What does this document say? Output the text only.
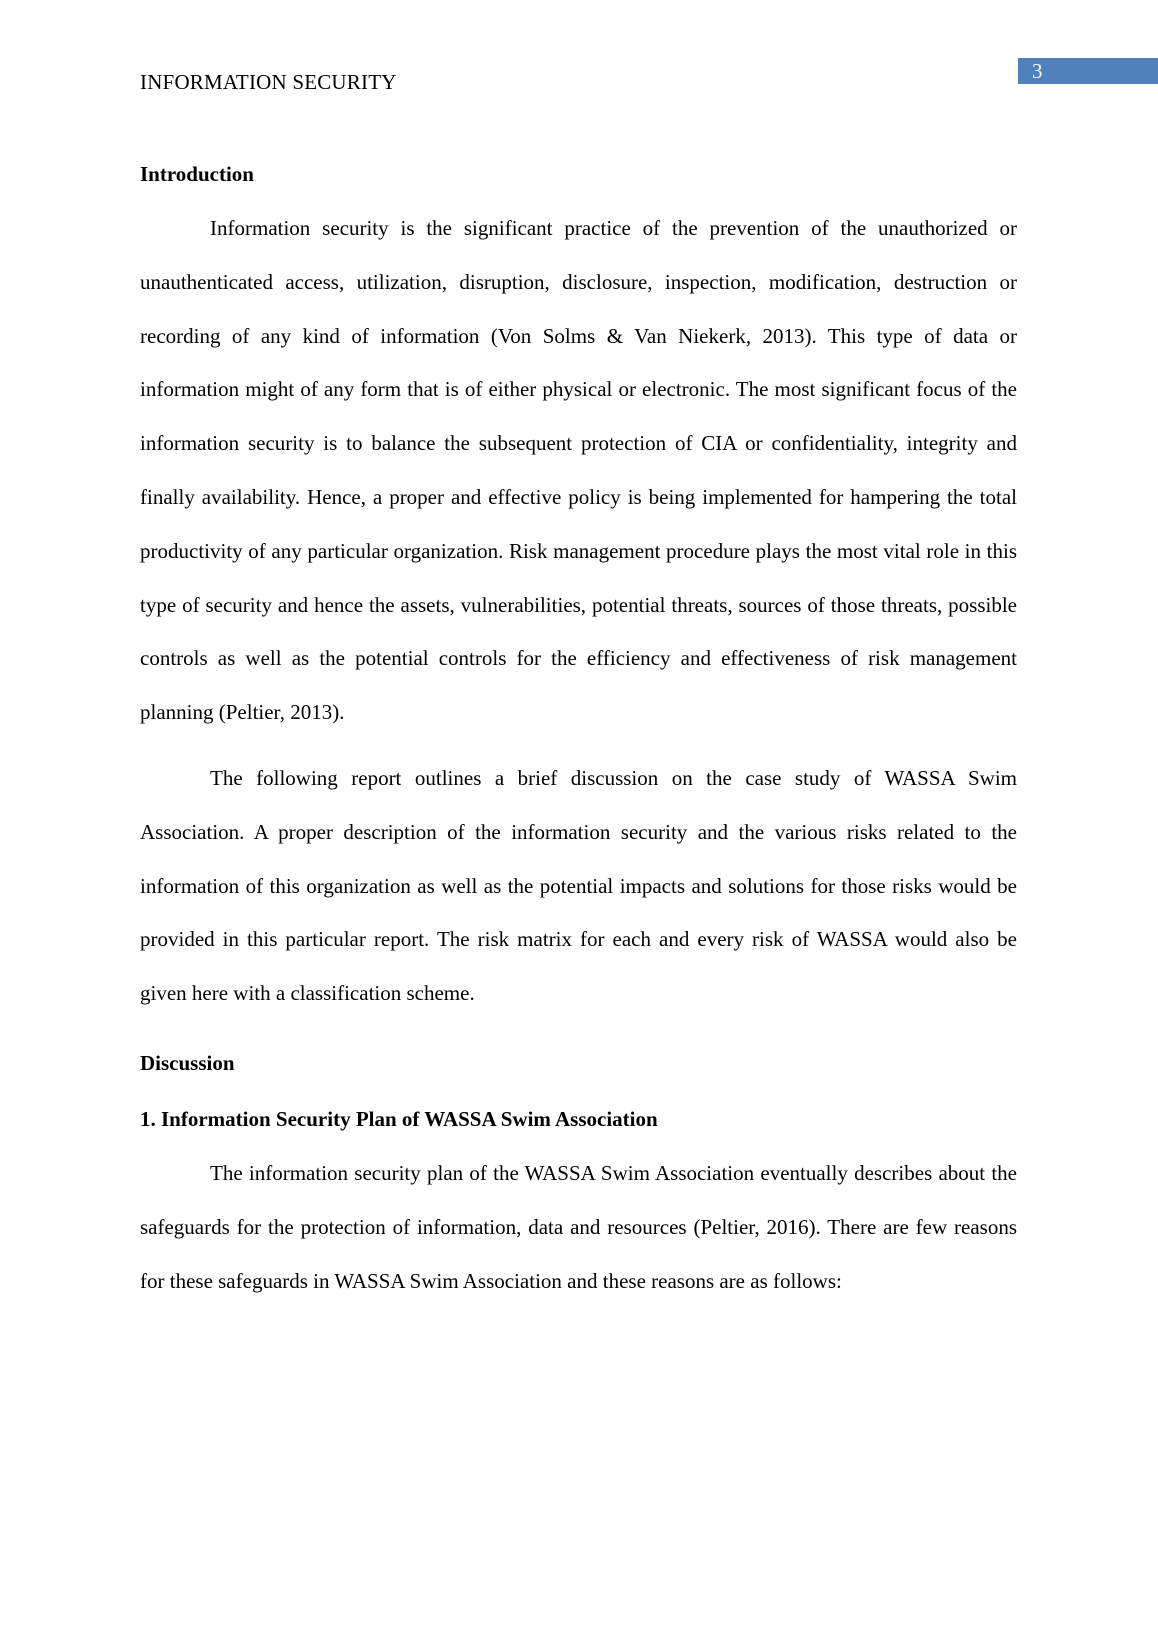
INFORMATION SECURITY	3

Introduction

Information security is the significant practice of the prevention of the unauthorized or unauthenticated access, utilization, disruption, disclosure, inspection, modification, destruction or recording of any kind of information (Von Solms & Van Niekerk, 2013). This type of data or information might of any form that is of either physical or electronic. The most significant focus of the information security is to balance the subsequent protection of CIA or confidentiality, integrity and finally availability. Hence, a proper and effective policy is being implemented for hampering the total productivity of any particular organization. Risk management procedure plays the most vital role in this type of security and hence the assets, vulnerabilities, potential threats, sources of those threats, possible controls as well as the potential controls for the efficiency and effectiveness of risk management planning (Peltier, 2013).

The following report outlines a brief discussion on the case study of WASSA Swim Association. A proper description of the information security and the various risks related to the information of this organization as well as the potential impacts and solutions for those risks would be provided in this particular report. The risk matrix for each and every risk of WASSA would also be given here with a classification scheme.

Discussion

1. Information Security Plan of WASSA Swim Association

The information security plan of the WASSA Swim Association eventually describes about the safeguards for the protection of information, data and resources (Peltier, 2016). There are few reasons for these safeguards in WASSA Swim Association and these reasons are as follows:
